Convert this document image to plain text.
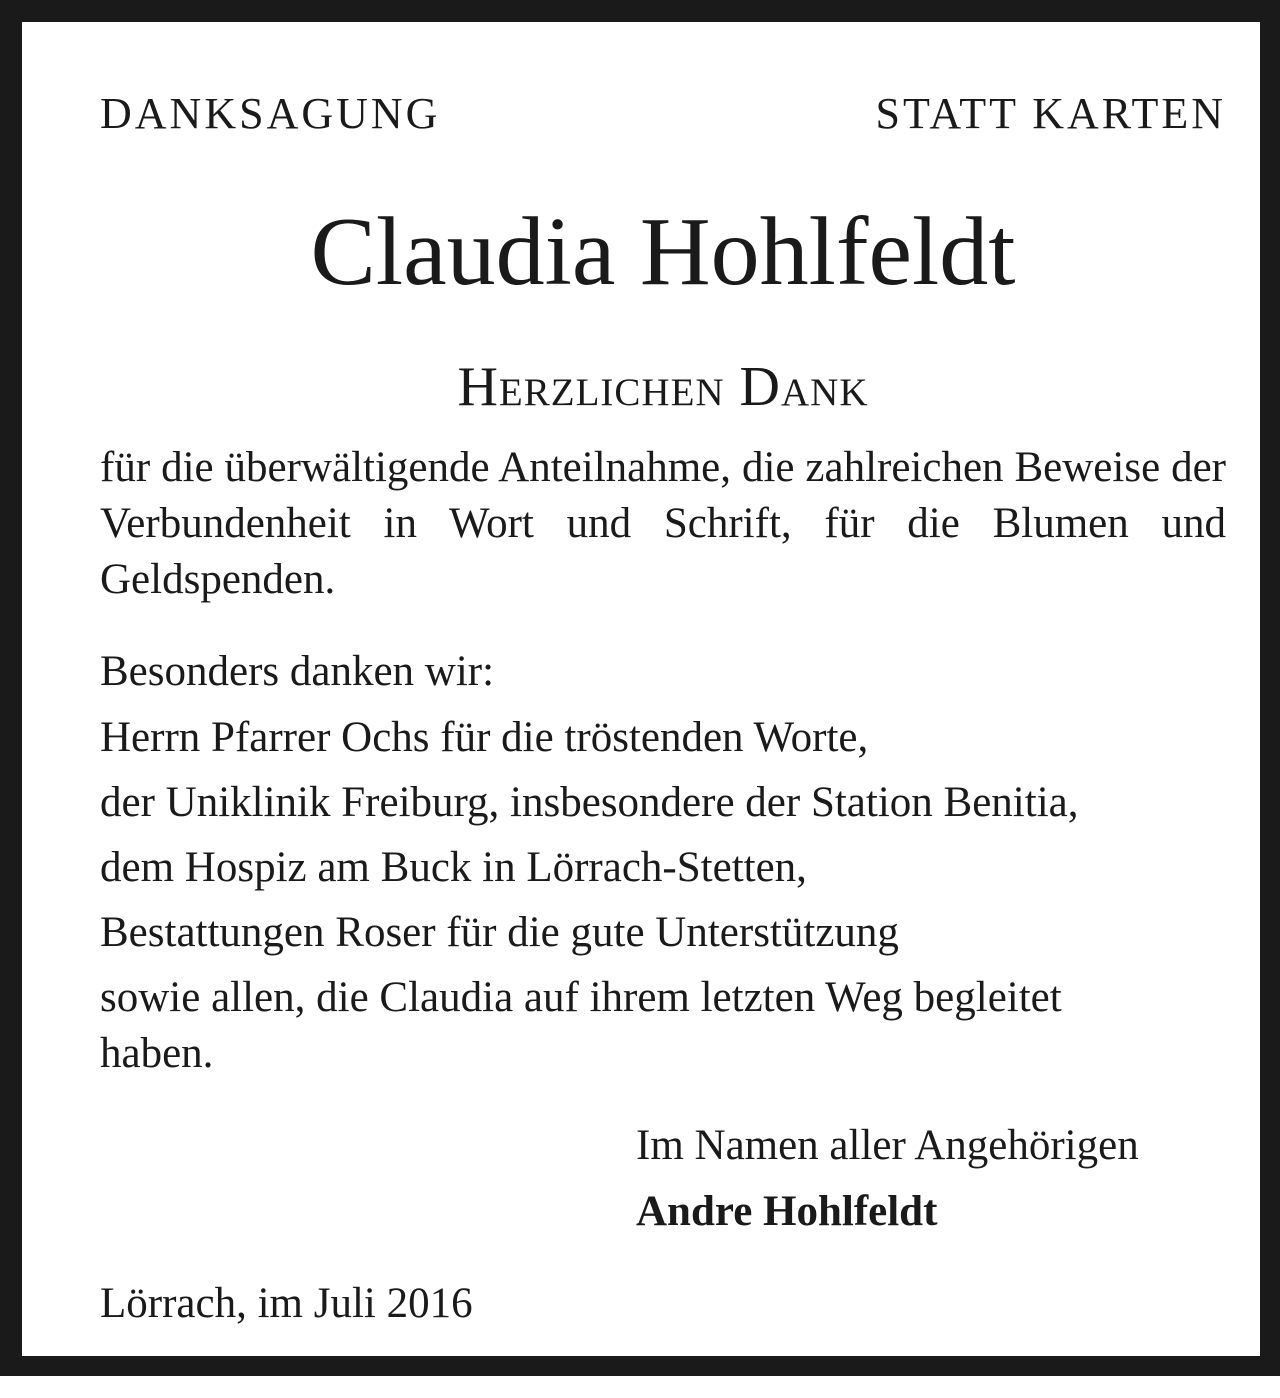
DANKSAGUNG	STATT KARTEN
Claudia Hohlfeldt
Herzlichen Dank
für die überwältigende Anteilnahme, die zahlreichen Beweise der Verbundenheit in Wort und Schrift, für die Blumen und Geldspenden.
Besonders danken wir:
Herrn Pfarrer Ochs für die tröstenden Worte,
der Uniklinik Freiburg, insbesondere der Station Benitia,
dem Hospiz am Buck in Lörrach-Stetten,
Bestattungen Roser für die gute Unterstützung
sowie allen, die Claudia auf ihrem letzten Weg begleitet
haben.
Im Namen aller Angehörigen
Andre Hohlfeldt
Lörrach, im Juli 2016
